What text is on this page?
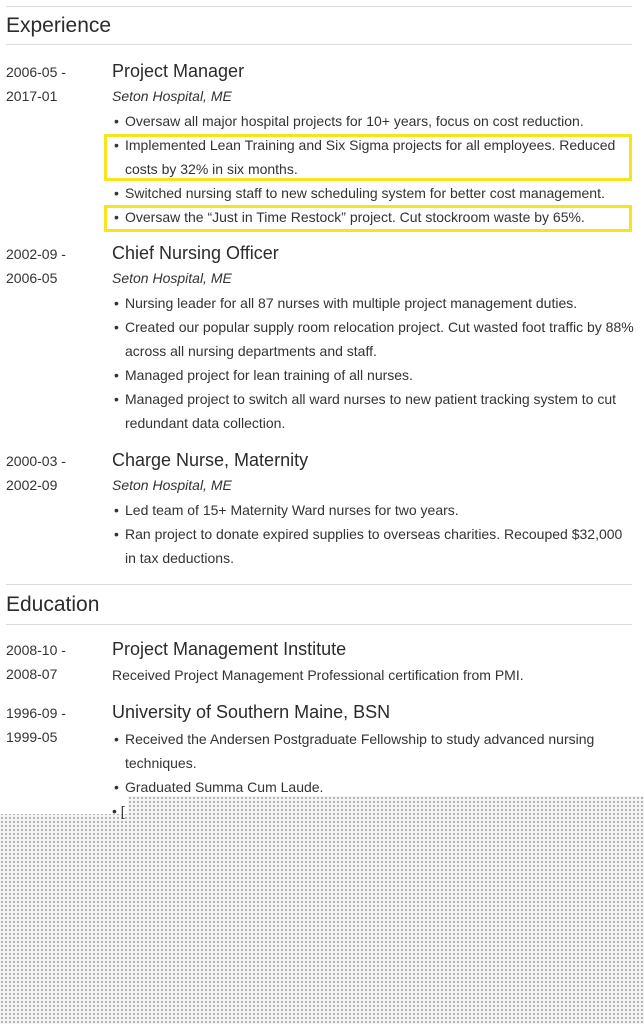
Experience
2006-05 -
2017-01
Project Manager
Seton Hospital, ME
• Oversaw all major hospital projects for 10+ years, focus on cost reduction.
• Implemented Lean Training and Six Sigma projects for all employees. Reduced costs by 32% in six months.
• Switched nursing staff to new scheduling system for better cost management.
• Oversaw the “Just in Time Restock” project. Cut stockroom waste by 65%.
2002-09 -
2006-05
Chief Nursing Officer
Seton Hospital, ME
• Nursing leader for all 87 nurses with multiple project management duties.
• Created our popular supply room relocation project. Cut wasted foot traffic by 88% across all nursing departments and staff.
• Managed project for lean training of all nurses.
• Managed project to switch all ward nurses to new patient tracking system to cut redundant data collection.
2000-03 -
2002-09
Charge Nurse, Maternity
Seton Hospital, ME
• Led team of 15+ Maternity Ward nurses for two years.
• Ran project to donate expired supplies to overseas charities. Recouped $32,000 in tax deductions.
Education
2008-10 -
2008-07
Project Management Institute
Received Project Management Professional certification from PMI.
1996-09 -
1999-05
University of Southern Maine, BSN
• Received the Andersen Postgraduate Fellowship to study advanced nursing techniques.
• Graduated Summa Cum Laude.
• [
